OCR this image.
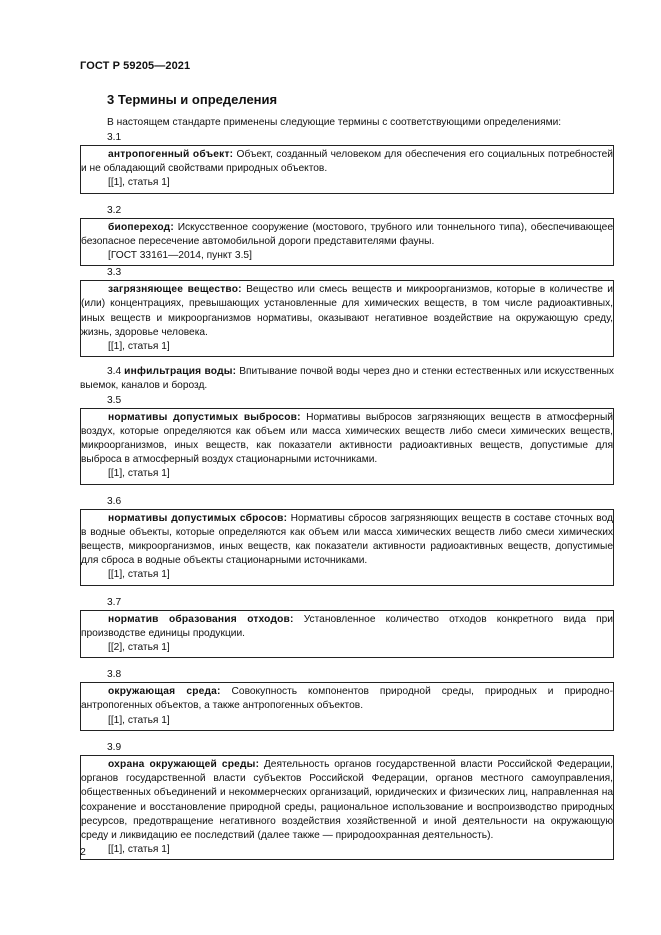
ГОСТ Р 59205—2021
3 Термины и определения
В настоящем стандарте применены следующие термины с соответствующими определениями:
3.1

антропогенный объект: Объект, созданный человеком для обеспечения его социальных потребностей и не обладающий свойствами природных объектов.

[[1], статья 1]

3.2

биопереход: Искусственное сооружение (мостового, трубного или тоннельного типа), обеспечивающее безопасное пересечение автомобильной дороги представителями фауны.

[ГОСТ 33161—2014, пункт 3.5]

3.3

загрязняющее вещество: Вещество или смесь веществ и микроорганизмов, которые в количестве и (или) концентрациях, превышающих установленные для химических веществ, в том числе радиоактивных, иных веществ и микроорганизмов нормативы, оказывают негативное воздействие на окружающую среду, жизнь, здоровье человека.

[[1], статья 1]

3.4 инфильтрация воды: Впитывание почвой воды через дно и стенки естественных или искусственных выемок, каналов и борозд.

3.5

нормативы допустимых выбросов: Нормативы выбросов загрязняющих веществ в атмосферный воздух, которые определяются как объем или масса химических веществ либо смеси химических веществ, микроорганизмов, иных веществ, как показатели активности радиоактивных веществ, допустимые для выброса в атмосферный воздух стационарными источниками.

[[1], статья 1]

3.6

нормативы допустимых сбросов: Нормативы сбросов загрязняющих веществ в составе сточных вод в водные объекты, которые определяются как объем или масса химических веществ либо смеси химических веществ, микроорганизмов, иных веществ, как показатели активности радиоактивных веществ, допустимые для сброса в водные объекты стационарными источниками.

[[1], статья 1]

3.7

норматив образования отходов: Установленное количество отходов конкретного вида при производстве единицы продукции.

[[2], статья 1]

3.8

окружающая среда: Совокупность компонентов природной среды, природных и природно-антропогенных объектов, а также антропогенных объектов.

[[1], статья 1]

3.9

охрана окружающей среды: Деятельность органов государственной власти Российской Федерации, органов государственной власти субъектов Российской Федерации, органов местного самоуправления, общественных объединений и некоммерческих организаций, юридических и физических лиц, направленная на сохранение и восстановление природной среды, рациональное использование и воспроизводство природных ресурсов, предотвращение негативного воздействия хозяйственной и иной деятельности на окружающую среду и ликвидацию ее последствий (далее также — природоохранная деятельность).

[[1], статья 1]

2
